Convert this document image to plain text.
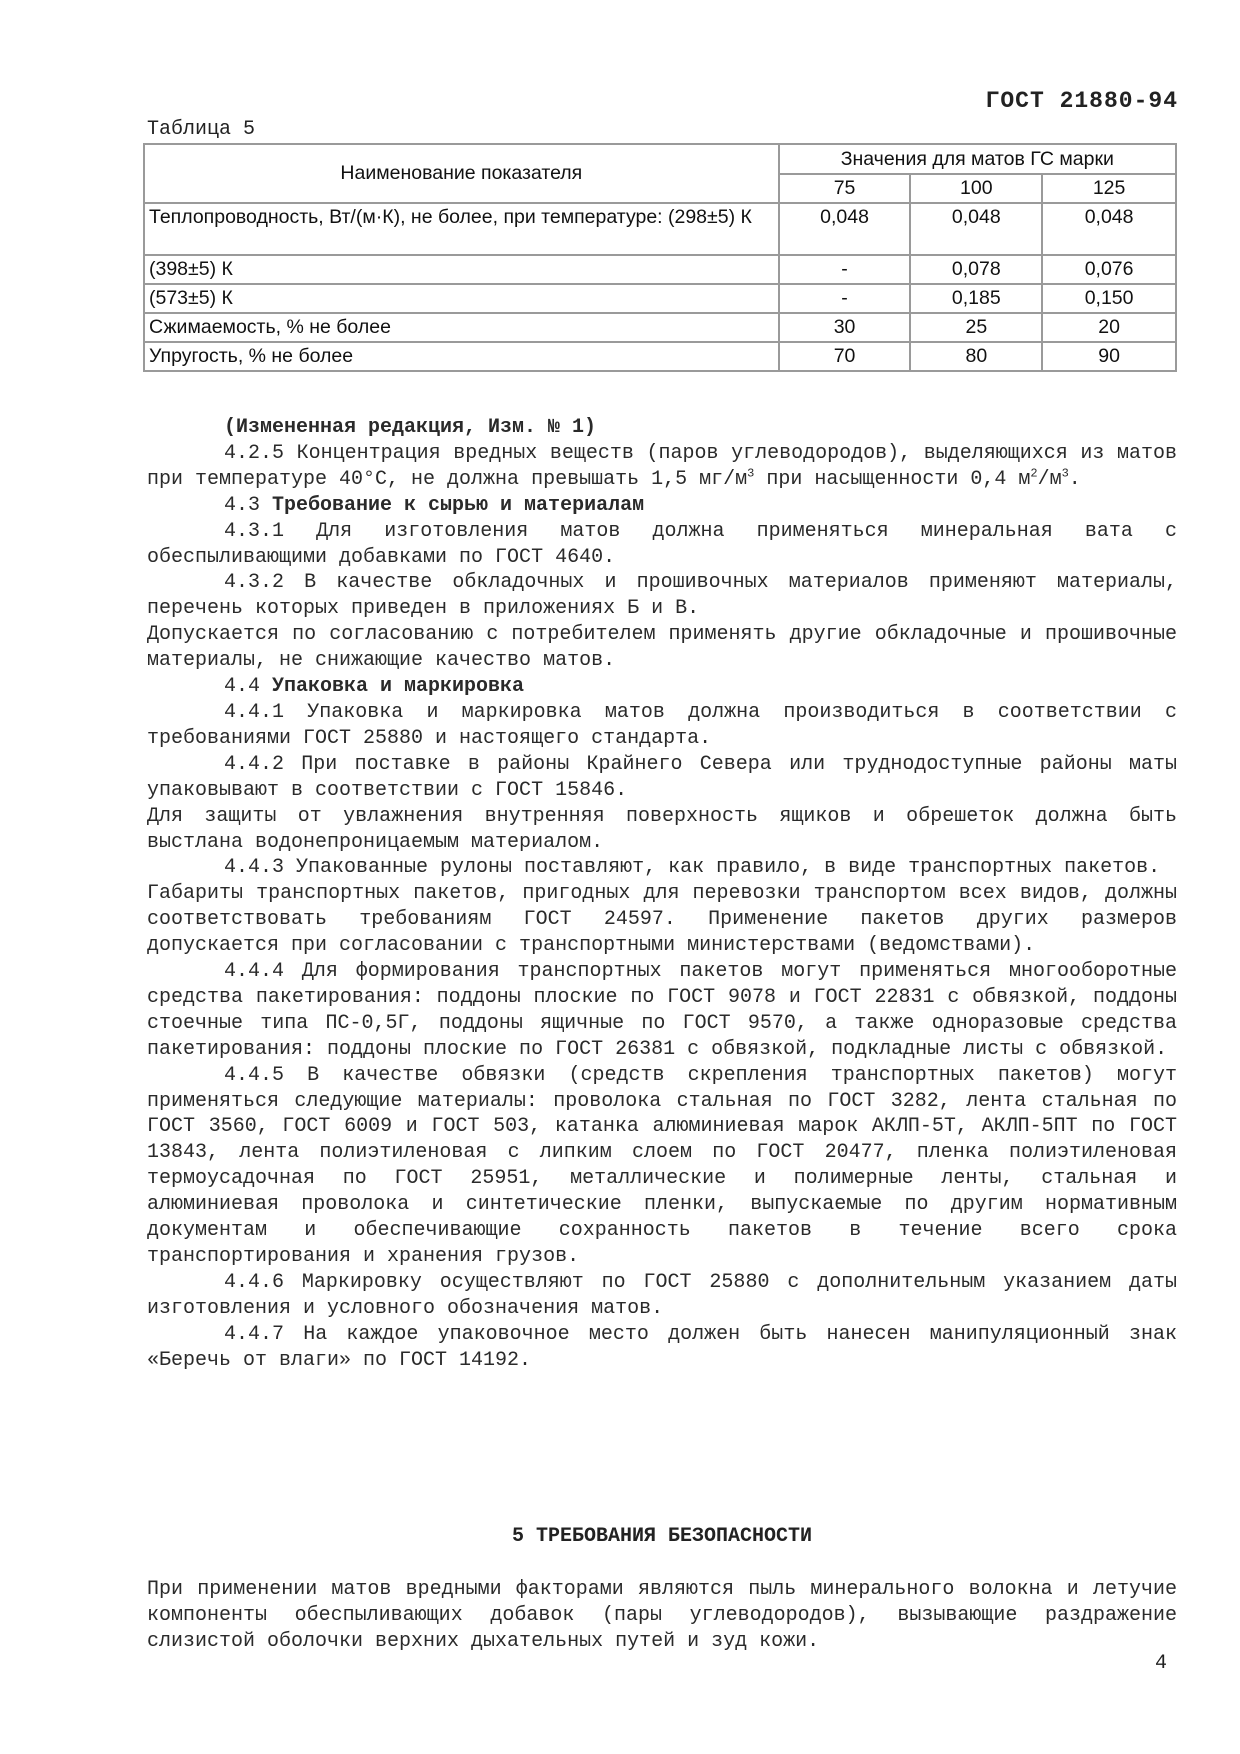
ГОСТ 21880-94
Таблица 5
Наименование показателя	Значения для матов ГС марки		
	75	100	125
Теплопроводность, Вт/(м·К), не более, при температуре: (298±5) К	0,048	0,048	0,048
(398±5) К	-	0,078	0,076
(573±5) К	-	0,185	0,150
Сжимаемость, % не более	30	25	20
Упругость, % не более	70	80	90

(Измененная редакция, Изм. № 1)

4.2.5 Концентрация вредных веществ (паров углеводородов), выделяющихся из матов при температуре 40°С, не должна превышать 1,5 $мг/м^3$ при насыщенности 0,4 $м^2/м^3$.

4.3 Требование к сырью и материалам

4.3.1 Для изготовления матов должна применяться минеральная вата с обеспыливающими добавками по ГОСТ 4640.

4.3.2 В качестве обкладочных и прошивочных материалов применяют материалы, перечень которых приведен в приложениях Б и В.

Допускается по согласованию с потребителем применять другие обкладочные и прошивочные материалы, не снижающие качество матов.

4.4 Упаковка и маркировка

4.4.1 Упаковка и маркировка матов должна производиться в соответствии с требованиями ГОСТ 25880 и настоящего стандарта.

4.4.2 При поставке в районы Крайнего Севера или труднодоступные районы маты упаковывают в соответствии с ГОСТ 15846.

Для защиты от увлажнения внутренняя поверхность ящиков и обрешеток должна быть выстлана водонепроницаемым материалом.

4.4.3 Упакованные рулоны поставляют, как правило, в виде транспортных пакетов.

Габариты транспортных пакетов, пригодных для перевозки транспортом всех видов, должны соответствовать требованиям ГОСТ 24597. Применение пакетов других размеров допускается при согласовании с транспортными министерствами (ведомствами).

4.4.4 Для формирования транспортных пакетов могут применяться многооборотные средства пакетирования: поддоны плоские по ГОСТ 9078 и ГОСТ 22831 с обвязкой, поддоны стоечные типа ПС-0,5Г, поддоны ящичные по ГОСТ 9570, а также одноразовые средства пакетирования: поддоны плоские по ГОСТ 26381 с обвязкой, подкладные листы с обвязкой.

4.4.5 В качестве обвязки (средств скрепления транспортных пакетов) могут применяться следующие материалы: проволока стальная по ГОСТ 3282, лента стальная по ГОСТ 3560, ГОСТ 6009 и ГОСТ 503, катанка алюминиевая марок АКЛП-5Т, АКЛП-5ПТ по ГОСТ 13843, лента полиэтиленовая с липким слоем по ГОСТ 20477, пленка полиэтиленовая термоусадочная по ГОСТ 25951, металлические и полимерные ленты, стальная и алюминиевая проволока и синтетические пленки, выпускаемые по другим нормативным документам и обеспечивающие сохранность пакетов в течение всего срока транспортирования и хранения грузов.

4.4.6 Маркировку осуществляют по ГОСТ 25880 с дополнительным указанием даты изготовления и условного обозначения матов.

4.4.7 На каждое упаковочное место должен быть нанесен манипуляционный знак «Беречь от влаги» по ГОСТ 14192.

5 ТРЕБОВАНИЯ БЕЗОПАСНОСТИ

При применении матов вредными факторами являются пыль минерального волокна и летучие компоненты обеспыливающих добавок (пары углеводородов), вызывающие раздражение слизистой оболочки верхних дыхательных путей и зуд кожи.

4
